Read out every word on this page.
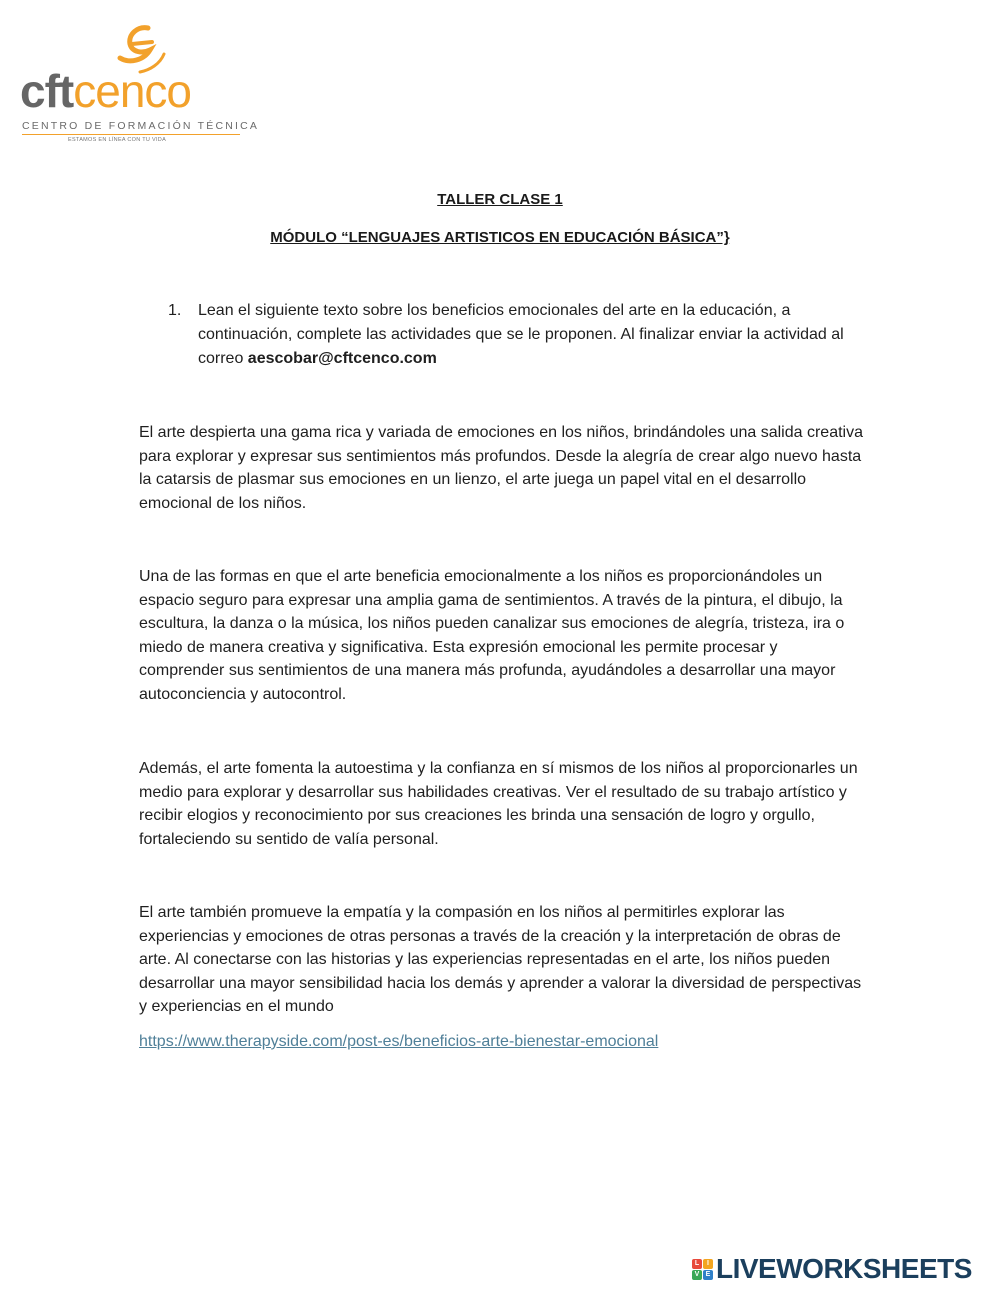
cftcenco
CENTRO DE FORMACIÓN TÉCNICA
ESTAMOS EN LÍNEA CON TU VIDA
TALLER CLASE 1
MÓDULO “LENGUAJES ARTISTICOS EN EDUCACIÓN BÁSICA”}
1. Lean el siguiente texto sobre los beneficios emocionales del arte en la educación, a continuación, complete las actividades que se le proponen. Al finalizar enviar la actividad al correo aescobar@cftcenco.com

El arte despierta una gama rica y variada de emociones en los niños, brindándoles una salida creativa para explorar y expresar sus sentimientos más profundos. Desde la alegría de crear algo nuevo hasta la catarsis de plasmar sus emociones en un lienzo, el arte juega un papel vital en el desarrollo emocional de los niños.

Una de las formas en que el arte beneficia emocionalmente a los niños es proporcionándoles un espacio seguro para expresar una amplia gama de sentimientos. A través de la pintura, el dibujo, la escultura, la danza o la música, los niños pueden canalizar sus emociones de alegría, tristeza, ira o miedo de manera creativa y significativa. Esta expresión emocional les permite procesar y comprender sus sentimientos de una manera más profunda, ayudándoles a desarrollar una mayor autoconciencia y autocontrol.

Además, el arte fomenta la autoestima y la confianza en sí mismos de los niños al proporcionarles un medio para explorar y desarrollar sus habilidades creativas. Ver el resultado de su trabajo artístico y recibir elogios y reconocimiento por sus creaciones les brinda una sensación de logro y orgullo, fortaleciendo su sentido de valía personal.

El arte también promueve la empatía y la compasión en los niños al permitirles explorar las experiencias y emociones de otras personas a través de la creación y la interpretación de obras de arte. Al conectarse con las historias y las experiencias representadas en el arte, los niños pueden desarrollar una mayor sensibilidad hacia los demás y aprender a valorar la diversidad de perspectivas y experiencias en el mundo

https://www.therapyside.com/post-es/beneficios-arte-bienestar-emocional
L	I
V E LIVEWORKSHEETS
